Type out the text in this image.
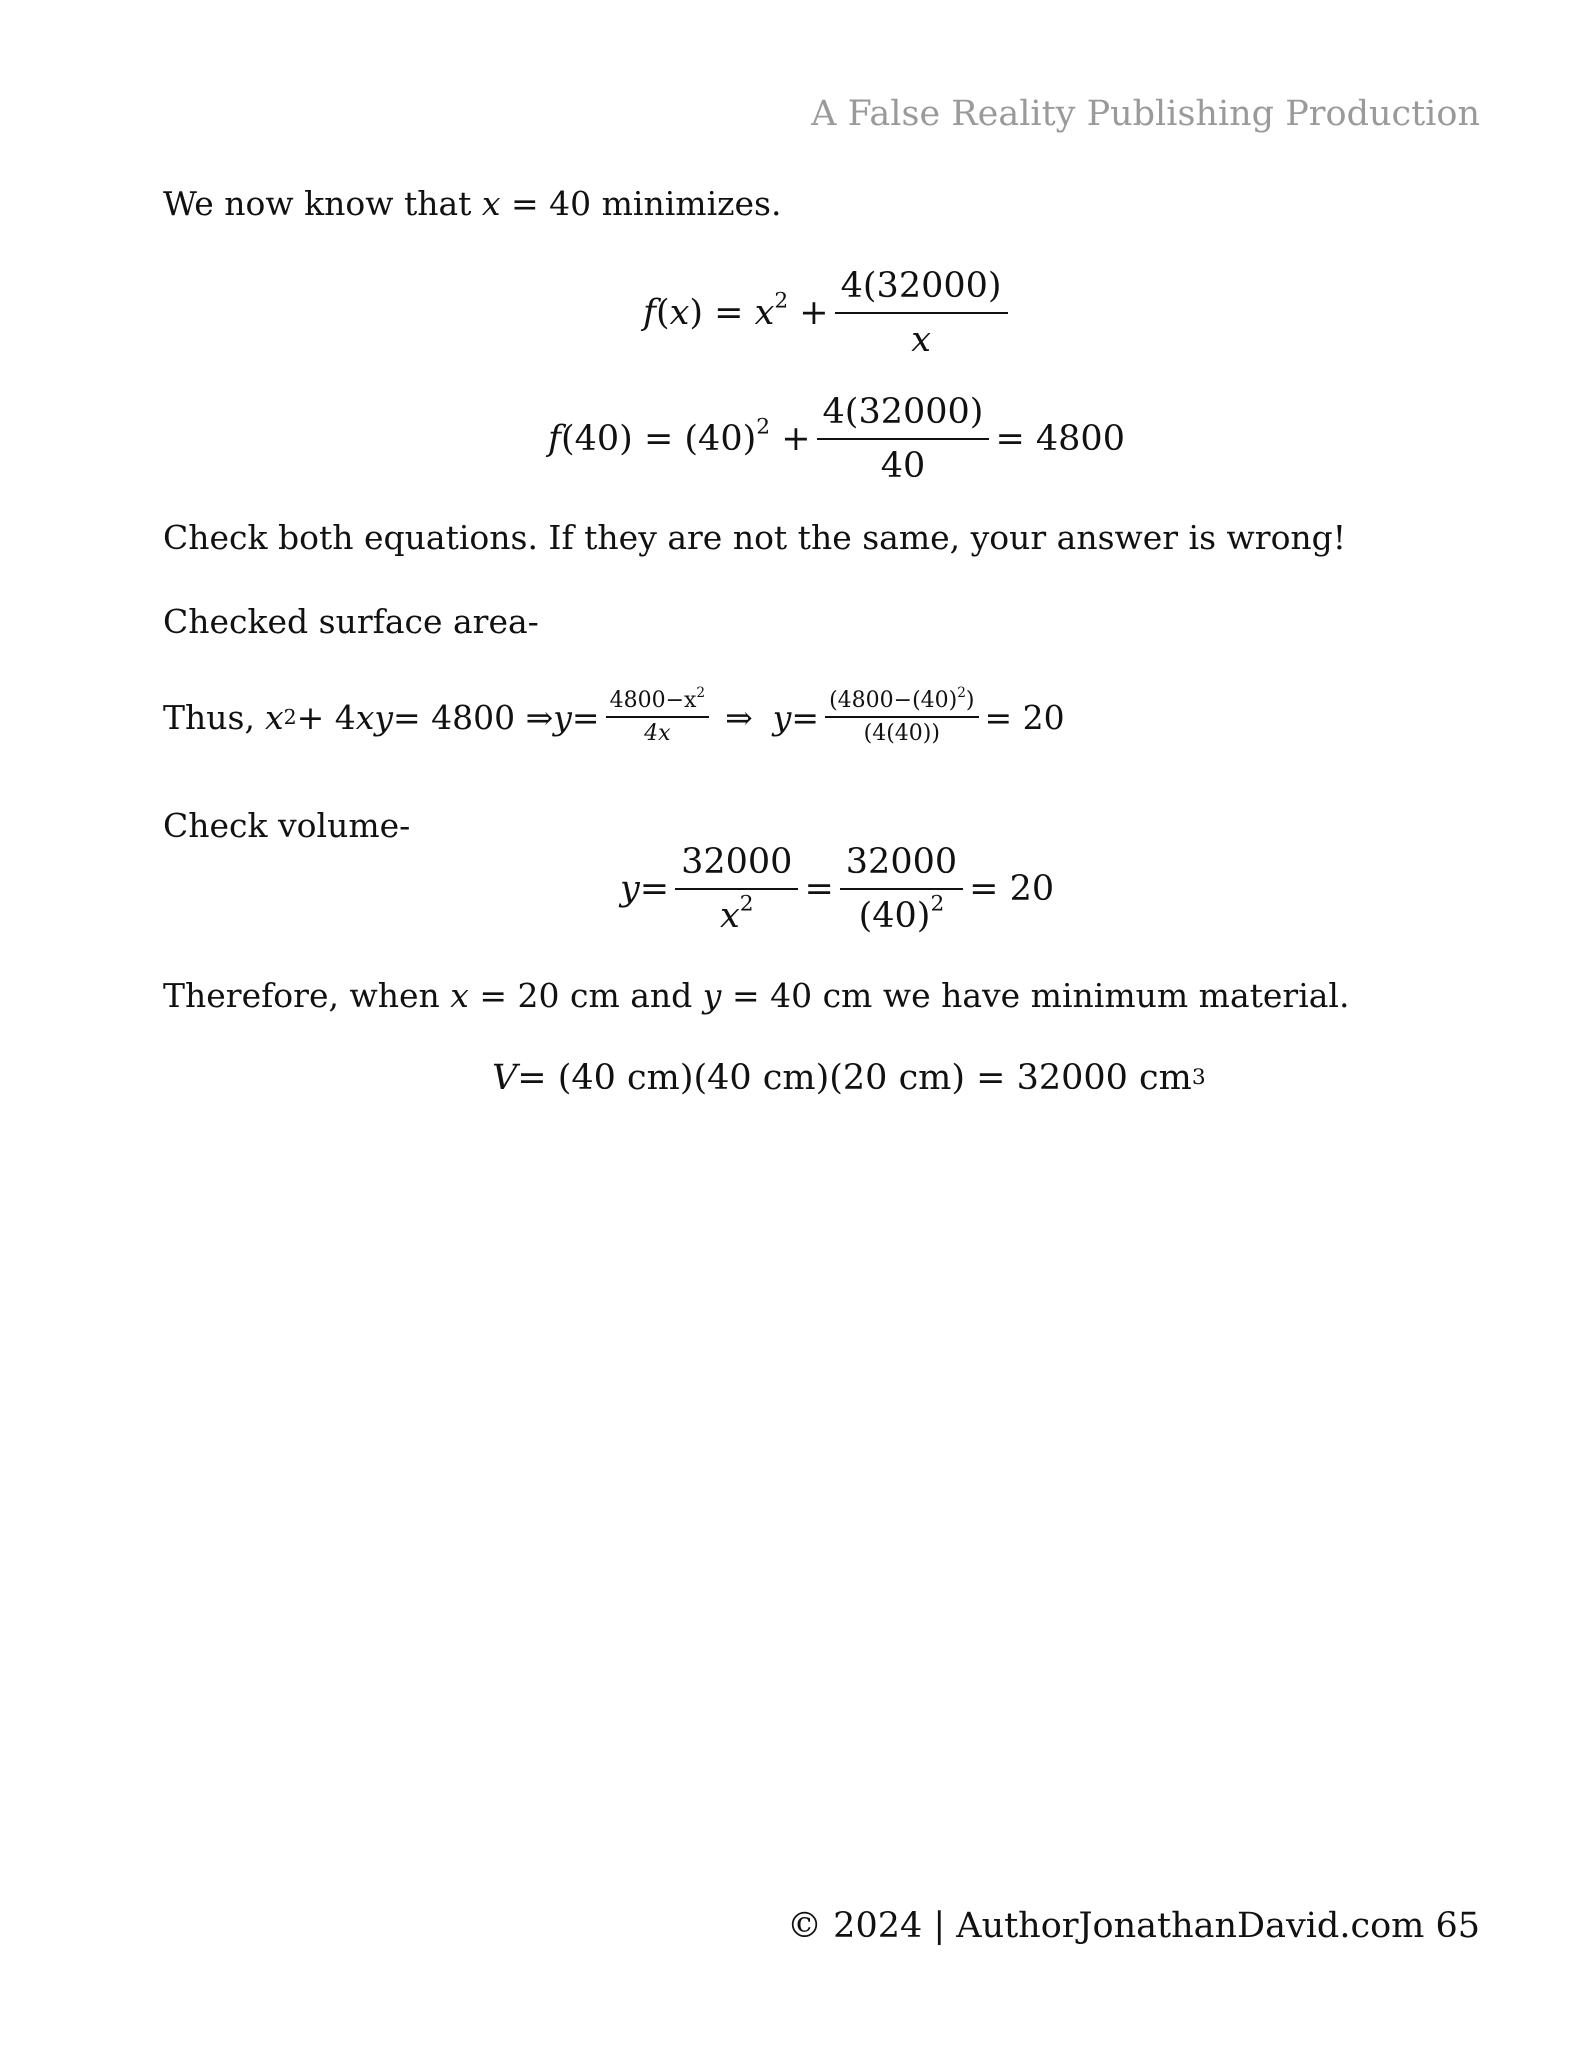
A False Reality Publishing Production
We now know that x = 40 minimizes.
$f(x) = x^2 + \frac{4(32000)}{x}$
$f(40) = (40)^2 + \frac{4(32000)}{40} = 4800$
Check both equations. If they are not the same, your answer is wrong!
Checked surface area-
Thus, x 2 + 4 xy = 4800 ⇒ $y = \frac{4800-x^2}{4x}$ ⇒ $y = \frac{(4800-(40)^2)}{(4(40))} = 20$
Check volume-
$y = \frac{32000}{x^2} = \frac{32000}{(40)^2} = 20$
Therefore, when x = 20 cm and y = 40 cm we have minimum material.
V = (40 cm)(40 cm)(20 cm) = 32000 cm 3
© 2024 | AuthorJonathanDavid.com 65
